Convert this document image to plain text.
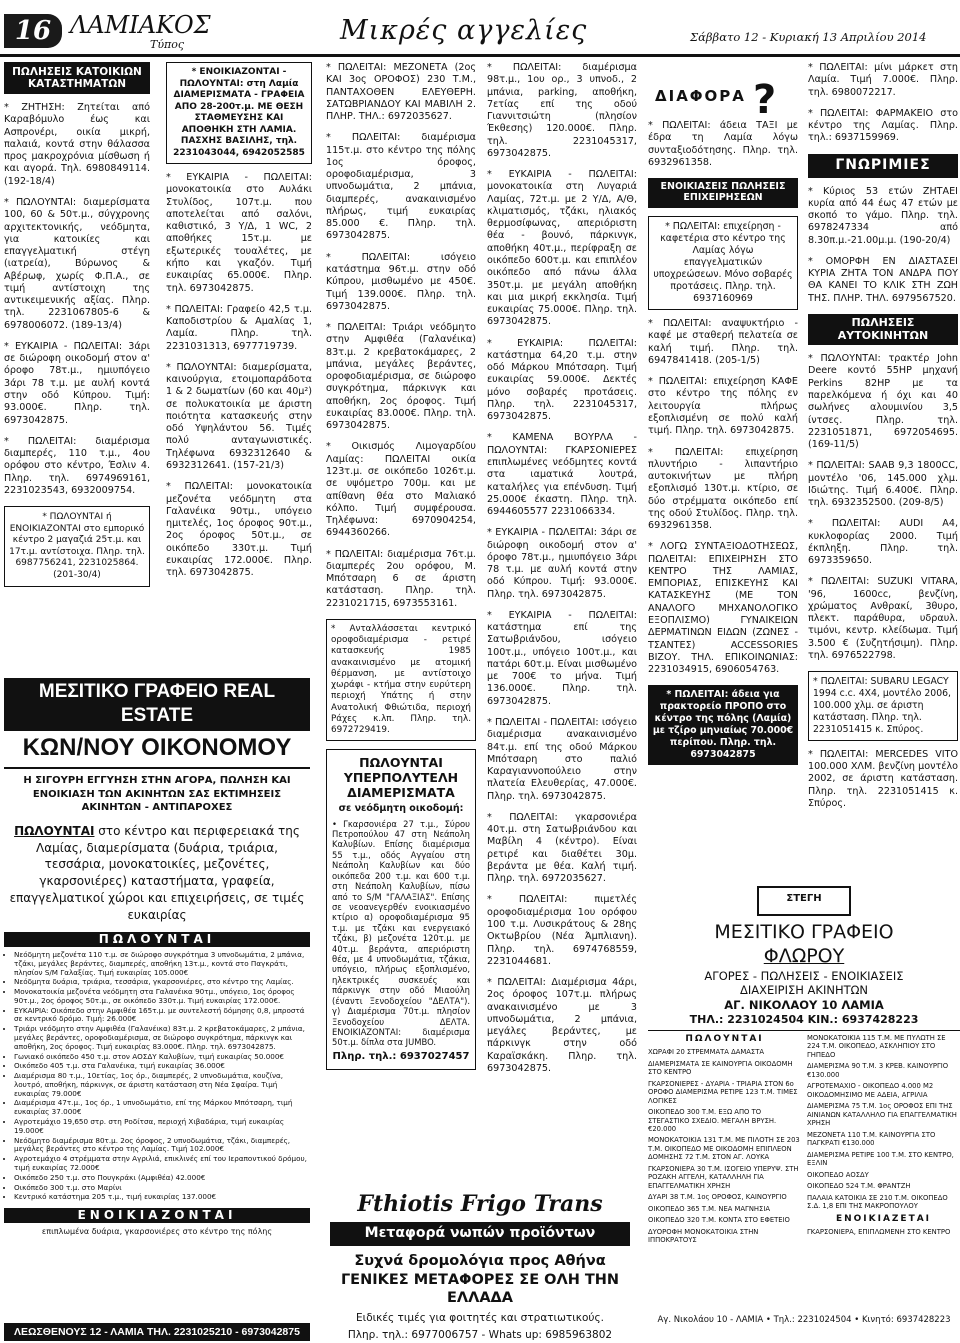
16 ΛΑΜΙΑΚΟΣ
Τύπος	Μικρές αγγελίες	Σάββατο 12 - Κυριακή 13 Απριλίου 2014
ΠΩΛΗΣΕΙΣ ΚΑΤΟΙΚΙΩΝ ΚΑΤΑΣΤΗΜΑΤΩΝ

* ΖΗΤΗΣΗ: Ζητείται από Καραβόμυλο έως και Ασπρονέρι, οικία μικρή, παλαιά, κοντά στην θάλασσα προς μακροχρόνια μίσθωση ή και αγορά. Τηλ. 6980849114. (192-18/4)

* ΠΩΛΟΥΝΤΑΙ: διαμερίσματα 100, 60 & 50τ.μ., σύγχρονης αρχιτεκτονικής, νεόδμητα, για κατοικίες και επαγγελματική στέγη (ιατρεία), Βύρωνος & Αβέρωφ, χωρίς Φ.Π.Α., σε τιμή αντίστοιχη της αντικειμενικής αξίας. Πληρ. τηλ. 2231067805-6 & 6978006072. (189-13/4)

* ΕΥΚΑΙΡΙΑ - ΠΩΛΕΙΤΑΙ: 3άρι σε διώροφη οικοδομή στον α' όροφο 78τ.μ., ημιυπόγειο 3άρι 78 τ.μ. με αυλή κοντά στην οδό Κύπρου. Τιμή: 93.000€. Πληρ. τηλ. 6973042875.

* ΠΩΛΕΙΤΑΙ: διαμέρισμα διαμπερές, 110 τ.μ., 4ου ορόφου στο κέντρο, Έσλιν 4. Πληρ. τηλ. 6974969161, 2231023543, 6932009754.

* ΠΩΛΟΥΝΤΑΙ ή ΕΝΟΙΚΙΑΖΟΝΤΑΙ στο εμπορικό κέντρο 2 μαγαζιά 25τ.μ. και 17τ.μ. αντίστοιχα. Πληρ. τηλ. 6987756241, 2231025864. (201-30/4)
* ΕΝΟΙΚΙΑΖΟΝΤΑΙ - ΠΩΛΟΥΝΤΑΙ: στη Λαμία ΔΙΑΜΕΡΙΣΜΑΤΑ - ΓΡΑΦΕΙΑ ΑΠΟ 28-200τ.μ. ΜΕ ΘΕΣΗ ΣΤΑΘΜΕΥΣΗΣ ΚΑΙ ΑΠΟΘΗΚΗ ΣΤΗ ΛΑΜΙΑ. ΠΑΣΧΗΣ ΒΑΣΙΛΗΣ, τηλ. 2231043044, 6942052585

* ΕΥΚΑΙΡΙΑ - ΠΩΛΕΙΤΑΙ: μονοκατοικία στο Αυλάκι Στυλίδος, 107τ.μ. που αποτελείται από σαλόνι, καθιστικό, 3 Υ/Δ, 1 WC, 2 αποθήκες 15τ.μ. με εξωτερικές τουαλέτες, με κήπο και γκαζόν. Τιμή ευκαιρίας 65.000€. Πληρ. τηλ. 6973042875.

* ΠΩΛΕΙΤΑΙ: Γραφείο 42,5 τ.μ. Καποδιστρίου & Αμαλίας 1, Λαμία. Πληρ. τηλ. 2231031313, 6977719739.

* ΠΩΛΟΥΝΤΑΙ: διαμερίσματα, καινούργια, ετοιμοπαράδοτα 1 & 2 δωματίων (60 και 40μ²) σε πολυκατοικία με άριστη ποιότητα κατασκευής στην οδό Υψηλάντου 56. Τιμές πολύ ανταγωνιστικές. Τηλέφωνα 6932312640 & 6932312641. (157-21/3)

* ΠΩΛΕΙΤΑΙ: μονοκατοικία μεζονέτα νεόδμητη στα Γαλανέικα 90τμ., υπόγειο ημιτελές, 1ος όροφος 90τ.μ., 2ος όροφος 50τ.μ., σε οικόπεδο 330τ.μ. Τιμή ευκαιρίας 172.000€. Πληρ. τηλ. 6973042875.

* ΠΩΛΕΙΤΑΙ: ΜΕΖΟΝΕΤΑ (2ος ΚΑΙ 3ος ΟΡΟΦΟΣ) 230 Τ.Μ., ΠΑΝΤΑΧΟΘΕΝ ΕΛΕΥΘΕΡΗ. ΣΑΤΩΒΡΙΑΝΔΟΥ ΚΑΙ ΜΑΒΙΛΗ 2. ΠΛΗΡ. ΤΗΛ.: 6972035627.

* ΠΩΛΕΙΤΑΙ: διαμέρισμα 115τ.μ. στο κέντρο της πόλης 1ος όροφος, οροφοδιαμέρισμα, 3 υπνοδωμάτια, 2 μπάνια, διαμπερές, ανακαινισμένο πλήρως, τιμή ευκαιρίας 85.000 €. Πληρ. τηλ. 6973042875.

* ΠΩΛΕΙΤΑΙ: ισόγειο κατάστημα 96τ.μ. στην οδό Κύπρου, μισθωμένο με 450€. Τιμή 139.000€. Πληρ. τηλ. 6973042875.

* ΠΩΛΕΙΤΑΙ: Τριάρι νεόδμητο στην Αμφιθέα (Γαλανέικα) 83τ.μ. 2 κρεβατοκάμαρες, 2 μπάνια, μεγάλες βεράντες, οροφοδιαμέρισμα, σε διώροφο συγκρότημα, πάρκινγκ και αποθήκη, 2ος όροφος. Τιμή ευκαιρίας 83.000€. Πληρ. τηλ. 6973042875.

* Οικισμός Λιμογαρδίου Λαμίας: ΠΩΛΕΙΤΑΙ οικία 123τ.μ. σε οικόπεδο 1026τ.μ. σε υψόμετρο 700μ. και με απίθανη θέα στο Μαλιακό κόλπο. Τιμή συμφέρουσα. Τηλέφωνα: 6970904254, 6944360266.

* ΠΩΛΕΙΤΑΙ: διαμέρισμα 76τ.μ. διαμπερές 2ου ορόφου, Μ. Μπότσαρη 6 σε άριστη κατάσταση. Πληρ. τηλ. 2231021715, 6973553161.

* Ανταλλάσσεται κεντρικό οροφοδιαμέρισμα - ρετιρέ κατασκευής 1985 ανακαινισμένο με ατομική θέρμανση, με αντίστοιχο χωράφι - κτήμα στην ευρύτερη περιοχή Υπάτης ή στην Ανατολική Φθιώτιδα, περιοχή Ράχες κ.λπ. Πληρ. τηλ. 6972729419.
ΠΩΛΟΥΝΤΑΙ ΥΠΕΡΠΟΛΥΤΕΛΗ ΔΙΑΜΕΡΙΣΜΑΤΑ
σε νεόδμητη οικοδομή:
• Γκαρσονιέρα 27 τ.μ., Σύρου Πετροπούλου 47 στη Νεάπολη Καλυβίων. Επίσης διαμέρισμα 55 τ.μ., οδός Αγγαίου στη Νεάπολη Καλυβίων και δύο οικόπεδα 200 τ.μ. και 600 τ.μ. στη Νεάπολη Καλυβίων, πίσω από το S/M "ΓΑΛΑΞΙΑΣ". Επίσης σε νεοανεγερθέν ενοικιασμένο κτίριο α) οροφοδιαμέρισμα 95 τ.μ. με τζάκι και ενεργειακό τζάκι, β) μεζονέτα 120τ.μ. με 40τ.μ. βεράντα, απεριόριστη θέα, με 4 υπνοδωμάτια, τζάκια, υπόγειο, πλήρως εξοπλισμένο, ηλεκτρικές συσκευές και πάρκινγκ στην οδό Μιαούλη (έναντι Ξενοδοχείου "ΔΕΛΤΑ"). γ) Διαμέρισμα 70τ.μ. πλησίον Ξενοδοχείου ΔΕΛΤΑ. ΕΝΟΙΚΙΑΖΟΝΤΑΙ: διαμέρισμα 50τ.μ. δίπλα στα JUMBO.
Πληρ. τηλ.: 6937027457

* ΠΩΛΕΙΤΑΙ: διαμέρισμα 98τ.μ., 1ου ορ., 3 υπνοδ., 2 μπάνια, parking, αποθήκη, 7ετίας επί της οδού Γιαννιτσιώτη (πλησίον Έκθεσης) 120.000€. Πληρ. τηλ. 2231045317, 6973042875.

* ΕΥΚΑΙΡΙΑ - ΠΩΛΕΙΤΑΙ: μονοκατοικία στη Λυγαριά Λαμίας, 72τ.μ. με 2 Υ/Δ, Α/Θ, κλιματισμός, τζάκι, ηλιακός θερμοσίφωνας, απεριόριστη θέα - βουνό, πάρκινγκ, αποθήκη 40τ.μ., περίφραξη σε οικόπεδο 600τ.μ. και επιπλέον οικόπεδο από πάνω άλλα 350τ.μ. με μεγάλη αποθήκη και μια μικρή εκκλησία. Τιμή ευκαιρίας 75.000€. Πληρ. τηλ. 6973042875.

* ΕΥΚΑΙΡΙΑ: ΠΩΛΕΙΤΑΙ: κατάστημα 64,20 τ.μ. στην οδό Μάρκου Μπότσαρη. Τιμή ευκαιρίας 59.000€. Δεκτές μόνο σοβαρές προτάσεις. Πληρ. τηλ. 2231045317, 6973042875.

* ΚΑΜΕΝΑ ΒΟΥΡΛΑ - ΠΩΛΟΥΝΤΑΙ: ΓΚΑΡΣΟΝΙΕΡΕΣ επιπλωμένες νεόδμητες κοντά στα ιαματικά λουτρά, καταλήλες για επένδυση. Τιμή 25.000€ έκαστη. Πληρ. τηλ. 6944605577 2231066334.

* ΕΥΚΑΙΡΙΑ - ΠΩΛΕΙΤΑΙ: 3άρι σε διώροφη οικοδομή στον α' όροφο 78τ.μ., ημιυπόγειο 3άρι 78 τ.μ. με αυλή κοντά στην οδό Κύπρου. Τιμή: 93.000€. Πληρ. τηλ. 6973042875.

* ΕΥΚΑΙΡΙΑ - ΠΩΛΕΙΤΑΙ: κατάστημα επί της Σατωβριάνδου, ισόγειο 100τ.μ., υπόγειο 100τ.μ., και πατάρι 60τ.μ. Είναι μισθωμένο με 700€ το μήνα. Τιμή 136.000€. Πληρ. τηλ. 6973042875.

* ΠΩΛΕΙΤΑΙ - ΠΩΛΕΙΤΑΙ: ισόγειο διαμέρισμα ανακαινισμένο 84τ.μ. επί της οδού Μάρκου Μπότσαρη στο παλιό Καραγιαννοπούλειο στην πλατεία Ελευθερίας, 47.000€. Πληρ. τηλ. 6973042875.

* ΠΩΛΕΙΤΑΙ: γκαρσονιέρα 40τ.μ. στη Σατωβριάνδου και Μαβίλη 4 (κέντρο). Είναι ρετιρέ και διαθέτει 30μ. βεράντα με θέα. Καλή τιμή. Πληρ. τηλ. 6972035627.

* ΠΩΛΕΙΤΑΙ: πιμετλές οροφοδιαμέρισμα 1ου ορόφου 100 τ.μ. Λυσικράτους & 28ης Οκτωβρίου (Νέα Άμπλιανη). Πληρ. τηλ. 6974768559, 2231044681.

* ΠΩΛΕΙΤΑΙ: Διαμέρισμα 4άρι, 2ος όροφος 107τ.μ. πλήρως ανακαινισμένο με 3 υπνοδωμάτια, 2 μπάνια, μεγάλες βεράντες, με πάρκινγκ στην οδό Καραϊσκάκη. Πληρ. τηλ. 6973042875.

ΔΙΑΦΟΡΑ ?

* ΠΩΛΕΙΤΑΙ: άδεια ΤΑΞΙ με έδρα τη Λαμία λόγω συνταξιοδότησης. Πληρ. τηλ. 6932961358.

ΕΝΟΙΚΙΑΣΕΙΣ ΠΩΛΗΣΕΙΣ ΕΠΙΧΕΙΡΗΣΕΩΝ
* ΠΩΛΕΙΤΑΙ: επιχείρηση - καφετέρια στο κέντρο της Λαμίας λόγω επαγγελματικών υποχρεώσεων. Μόνο σοβαρές προτάσεις. Πληρ. τηλ. 6937160969

* ΠΩΛΕΙΤΑΙ: αναψυκτήριο - καφέ με σταθερή πελατεία σε καλή τιμή. Πληρ. τηλ. 6947841418. (205-1/5)

* ΠΩΛΕΙΤΑΙ: επιχείρηση ΚΑΦΕ στο κέντρο της πόλης εν λειτουργία πλήρως εξοπλισμένη σε πολύ καλή τιμή. Πληρ. τηλ. 6973042875.

* ΠΩΛΕΙΤΑΙ: επιχείρηση πλυντήριο - λιπαντήριο αυτοκινήτων με πλήρη εξοπλισμό 130τ.μ. κτίριο, σε δύο στρέμματα οικόπεδο επί της οδού Στυλίδος. Πληρ. τηλ. 6932961358.

* ΛΟΓΩ ΣΥΝΤΑΞΙΟΔΟΤΗΣΕΩΣ, ΠΩΛΕΙΤΑΙ: ΕΠΙΧΕΙΡΗΣΗ ΣΤΟ ΚΕΝΤΡΟ ΤΗΣ ΛΑΜΙΑΣ, ΕΜΠΟΡΙΑΣ, ΕΠΙΣΚΕΥΗΣ ΚΑΙ ΚΑΤΑΣΚΕΥΗΣ (ΜΕ ΤΟΝ ΑΝΑΛΟΓΟ ΜΗΧΑΝΟΛΟΓΙΚΟ ΕΞΟΠΛΙΣΜΟ) ΓΥΝΑΙΚΕΙΩΝ ΔΕΡΜΑΤΙΝΩΝ ΕΙΔΩΝ (ΖΩΝΕΣ - ΤΣΑΝΤΕΣ) ACCESSORIES ΒΙΖΟΥ. ΤΗΛ. ΕΠΙΚΟΙΝΩΝΙΑΣ: 2231034915, 6906054763.

* ΠΩΛΕΙΤΑΙ: άδεια για πρακτορείο ΠΡΟΠΟ στο κέντρο της πόλης (Λαμία) με τζίρο μηνιαίως 70.000€ περίπου. Πληρ. τηλ. 6973042875

* ΠΩΛΕΙΤΑΙ: μίνι μάρκετ στη Λαμία. Τιμή 7.000€. Πληρ. τηλ. 6980072217.

* ΠΩΛΕΙΤΑΙ: ΦΑΡΜΑΚΕΙΟ στο κέντρο της Λαμίας. Πληρ. τηλ.: 6937159969.

ΓΝΩΡΙΜΙΕΣ

* Κύριος 53 ετών ΖΗΤΑΕΙ κυρία από 44 έως 47 ετών με σκοπό το γάμο. Πληρ. τηλ. 6978247334 από 8.30π.μ.-21.00μ.μ. (190-20/4)

* ΟΜΟΡΦΗ ΕΝ ΔΙΑΣΤΑΣΕΙ ΚΥΡΙΑ ΖΗΤΑ ΤΟΝ ΑΝΔΡΑ ΠΟΥ ΘΑ ΚΑΝΕΙ ΤΟ ΚΛΙΚ ΣΤΗ ΖΩΗ ΤΗΣ. ΠΛΗΡ. ΤΗΛ. 6979567520.

ΠΩΛΗΣΕΙΣ ΑΥΤΟΚΙΝΗΤΩΝ

* ΠΩΛΟΥΝΤΑΙ: τρακτέρ John Deere κοντό 55HP μηχανή Perkins 82HP με τα παρελκόμενα ή όχι και 40 σωλήνες αλουμινίου 3,5 ίντσες. Πληρ. τηλ. 2231051871, 6972054695. (169-11/5)

* ΠΩΛΕΙΤΑΙ: SAAB 9,3 1800CC, μοντέλο '06, 145.000 χλμ. Ιδιώτης. Τιμή 6.400€. Πληρ. τηλ. 6932352500. (209-8/5)

* ΠΩΛΕΙΤΑΙ: AUDI A4, κυκλοφορίας 2000. Τιμή έκπληξη. Πληρ. τηλ. 6973359650.

* ΠΩΛΕΙΤΑΙ: SUZUKI VITARA, '96, 1600cc, βενζίνη, χρώματος Ανθρακί, 3θυρο, πλεκτ. παράθυρα, υδραυλ. τιμόνι, κεντρ. κλείδωμα. Τιμή 3.500 € (Συζητήσιμη). Πληρ. τηλ. 6976522798.

* ΠΩΛΕΙΤΑΙ: SUBARU LEGACY 1994 c.c. 4X4, μοντέλο 2006, 100.000 χλμ. σε άριστη κατάσταση. Πληρ. τηλ. 2231051415 κ. Σπύρος.

* ΠΩΛΕΙΤΑΙ: MERCEDES VITO 100.000 ΧΛΜ. βενζίνη μοντέλο 2002, σε άριστη κατάσταση. Πληρ. τηλ. 2231051415 κ. Σπύρος.

ΜΕΣΙΤΙΚΟ ΓΡΑΦΕΙΟ REAL ESTATE
ΚΩΝ/ΝΟΥ ΟΙΚΟΝΟΜΟΥ
Η ΣΙΓΟΥΡΗ ΕΓΓΥΗΣΗ ΣΤΗΝ ΑΓΟΡΑ, ΠΩΛΗΣΗ ΚΑΙ ΕΝΟΙΚΙΑΣΗ ΤΩΝ ΑΚΙΝΗΤΩΝ ΣΑΣ ΕΚΤΙΜΗΣΕΙΣ ΑΚΙΝΗΤΩΝ - ΑΝΤΙΠΑΡΟΧΕΣ
ΠΩΛΟΥΝΤΑΙ στο κέντρο και περιφερειακά της Λαμίας, διαμερίσματα (δυάρια, τριάρια, τεσσάρια, μονοκατοικίες, μεζονέτες, γκαρσονιέρες) καταστήματα, γραφεία, επαγγελματικοί χώροι και επιχειρήσεις, σε τιμές ευκαιρίας
ΠΩΛΟΥΝΤΑΙ
• Νεόδμητη μεζονέτα 110 τ.μ. σε διώροφο συγκρότημα 3 υπνοδωμάτια, 2 μπάνια, τζάκι, μεγάλες βεράντες, διαμπερές, αποθήκη 13τ.μ., κοντά στο Παγκράτι, πλησίον S/M Γαλαξίας. Τιμή ευκαιρίας 105.000€
• Νεόδμητα δυάρια, τριάρια, τεσσάρια, γκαρσονιέρες, στο κέντρο της Λαμίας.
• Μονοκατοικία μεζονέτα νεόδμητη στα Γαλανέικα 90τμ., υπόγειο, 1ος όροφος 90τ.μ., 2ος όροφος 50τ.μ., σε οικόπεδο 330τ.μ. Τιμή ευκαιρίας 172.000€.
• ΕΥΚΑΙΡΙΑ: Οικόπεδο στην Αμφιθέα 165τ.μ. με συντελεστή δόμησης 0,8, μπροστά σε κεντρικό δρόμο. Τιμή: 26.000€
• Τριάρι νεόδμητο στην Αμφιθέα (Γαλανέικα) 83τ.μ. 2 κρεβατοκάμαρες, 2 μπάνια, μεγάλες βεράντες, οροφοδιαμέρισμα, σε διώροφο συγκρότημα, πάρκινγκ και αποθήκη, 2ος όροφος. Τιμή ευκαιρίας 83.000€. Πληρ. τηλ. 6973042875.
• Γωνιακό οικόπεδο 450 τ.μ. στον ΑΟΣΔΥ Καλυβίων, τιμή ευκαιρίας 50.000€
• Οικόπεδο 405 τ.μ. στα Γαλανέικα, τιμή ευκαιρίας 36.000€
• Διαμέρισμα 80 τ.μ., 10ετίας, 1ος όρ., διαμπερές, 2 υπνοδωμάτια, κουζίνα, λουτρό, αποθήκη, πάρκινγκ, σε άριστη κατάσταση στη Νέα Σφαίρα. Τιμή ευκαιρίας 79.000€
• Διαμέρισμα 47τ.μ., 1ος όρ., 1 υπνοδωμάτιο, επί της Μάρκου Μπότσαρη, τιμή ευκαιρίας 37.000€
• Αγροτεμάχιο 19,650 στρ. στη Ροδίτσα, περιοχή Χιβαδάρια, τιμή ευκαιρίας 19.000€
• Νεόδμητο διαμέρισμα 80τ.μ. 2ος όροφος, 2 υπνοδωμάτια, τζάκι, διαμπερές, μεγάλες βεράντες στο κέντρο της Λαμίας. Τιμή 102.000€
• Αγροτεμάχιο 4 στρέμματα στην Αγριλιά, επικλινές επί του Ιεραποντικού δρόμου, τιμή ευκαιρίας 72.000€
• Οικόπεδο 250 τ.μ. στο Πουγκράκι (Αμφιθέα) 42.000€
• Οικόπεδο 300 τ.μ. στο Μαρίνι
• Κεντρικό κατάστημα 205 τ.μ., τιμή ευκαιρίας 137.000€
ΕΝΟΙΚΙΑΖΟΝΤΑΙ
επιπλωμένα δυάρια, γκαρσονιέρες στο κέντρο της πόλης
ΛΕΩΣΘΕΝΟΥΣ 12 - ΛΑΜΙΑ ΤΗΛ. 2231025210 - 6973042875
Fthiotis Frigo Trans
Μεταφορά νωπών προϊόντων
Συχνά δρομολόγια προς Αθήνα
ΓΕΝΙΚΕΣ ΜΕΤΑΦΟΡΕΣ ΣΕ ΟΛΗ ΤΗΝ ΕΛΛΑΔΑ
Ειδικές τιμές για φοιτητές και στρατιωτικούς.
Πληρ. τηλ.: 6977006757 - Whats up: 6985963802
ΣΤΕΓΗ
ΜΕΣΙΤΙΚΟ ΓΡΑΦΕΙΟ
ΦΛΩΡΟΥ
ΑΓΟΡΕΣ - ΠΩΛΗΣΕΙΣ - ΕΝΟΙΚΙΑΣΕΙΣ
ΔΙΑΧΕΙΡΙΣΗ ΑΚΙΝΗΤΩΝ
ΑΓ. ΝΙΚΟΛΑΟΥ 10 ΛΑΜΙΑ
ΤΗΛ.: 2231024504 ΚΙΝ.: 6937428223
ΠΩΛΟΥΝΤΑΙ
ΧΩΡΑΦΙ 20 ΣΤΡΕΜΜΑΤΑ ΔΑΜΑΣΤΑ
ΔΙΑΜΕΡΙΣΜΑΤΑ ΣΕ ΚΑΙΝΟΥΡΓΙΑ ΟΙΚΟΔΟΜΗ ΣΤΟ ΚΕΝΤΡΟ
ΓΚΑΡΣΟΝΙΕΡΕΣ - ΔΥΑΡΙΑ - ΤΡΙΑΡΙΑ ΣΤΟΝ 6ο ΟΡΟΦΟ ΔΙΑΜΕΡΙΣΜΑ ΡΕΤΙΡΕ 123 Τ.Μ. ΤΙΜΕΣ ΛΟΓΙΚΕΣ
ΟΙΚΟΠΕΔΟ 300 Τ.Μ. ΕΞΩ ΑΠΟ ΤΟ ΣΤΕΓΑΣΤΙΚΟ ΣΧΕΔΙΟ. ΜΕΓΑΛΗ ΒΡΥΣΗ. €20.000
ΜΟΝΟΚΑΤΟΙΚΙΑ 131 Τ.Μ. ΜΕ ΠΙΛΟΤΗ ΣΕ 203 Τ.Μ. ΟΙΚΟΠΕΔΟ ΜΕ ΟΙΚΟΔΟΜΗ ΕΠΙΠΛΕΟΝ ΔΟΜΗΣΗΣ 72 Τ.Μ. ΣΤΟΝ ΑΓ. ΛΟΥΚΑ
ΓΚΑΡΣΟΝΙΕΡΑ 30 Τ.Μ. ΙΣΟΓΕΙΟ ΥΠΕΡΥΨ. ΣΤΗ ΡΟΖΑΚΗ ΑΓΓΕΛΗ, ΚΑΤΑΛΛΗΛΗ ΓΙΑ ΕΠΑΓΓΕΛΜΑΤΙΚΗ ΧΡΗΣΗ
ΔΥΑΡΙ 38 Τ.Μ. 1ος ΟΡΟΦΟΣ, ΚΑΙΝΟΥΡΓΙΟ
ΟΙΚΟΠΕΔΟ 365 Τ.Μ. ΝΕΑ ΜΑΓΝΗΣΙΑ
ΟΙΚΟΠΕΔΟ 320 Τ.Μ. ΚΟΝΤΑ ΣΤΟ ΕΦΕΤΕΙΟ
ΔΥΟΡΟΦΗ ΜΟΝΟΚΑΤΟΙΚΙΑ ΣΤΗΝ ΙΠΠΟΚΡΑΤΟΥΣ
ΜΟΝΟΚΑΤΟΙΚΙΑ 115 Τ.Μ. ΜΕ ΠΥΛΩΤΗ ΣΕ 224 Τ.Μ. ΟΙΚΟΠΕΔΟ, ΑΣΚΛΗΠΙΟΥ ΣΤΟ ΓΗΠΕΔΟ
ΔΙΑΜΕΡΙΣΜΑ 90 Τ.Μ. 3 ΚΡΕΒ. ΚΑΙΝΟΥΡΓΙΟ €130.000
ΑΓΡΟΤΕΜΑΧΙΟ - ΟΙΚΟΠΕΔΟ 4.000 Μ2 ΟΙΚΟΔΟΜΗΣΙΜΟ ΜΕ ΑΔΕΙΑ, ΑΓΡΙΛΙΑ
ΔΙΑΜΕΡΙΣΜΑ 75 Τ.Μ. 1ος ΟΡΟΦΟΣ ΕΠΙ ΤΗΣ ΑΙΝΙΑΝΩΝ ΚΑΤΑΛΛΗΛΟ ΓΙΑ ΕΠΑΓΓΕΛΜΑΤΙΚΗ ΧΡΗΣΗ
ΜΕΖΟΝΕΤΑ 110 Τ.Μ. ΚΑΙΝΟΥΡΓΙΑ ΣΤΟ ΠΑΓΚΡΑΤΙ €130.000
ΔΙΑΜΕΡΙΣΜΑ ΡΕΤΙΡΕ 100 Τ.Μ. ΣΤΟ ΚΕΝΤΡΟ, ΕΞΛΙΝ
ΟΙΚΟΠΕΔΟ ΑΟΣΔΥ
ΟΙΚΟΠΕΔΟ 524 Τ.Μ. ΦΡΑΝΤΖΗ
ΠΑΛΑΙΑ ΚΑΤΟΙΚΙΑ ΣΕ 210 Τ.Μ. ΟΙΚΟΠΕΔΟ Σ.Δ. 1,8 ΕΠΙ ΤΗΣ ΜΑΚΡΟΠΟΥΛΟΥ
ΕΝΟΙΚΙΑΖΕΤΑΙ
ΓΚΑΡΣΟΝΙΕΡΑ, ΕΠΙΠΛΩΜΕΝΗ ΣΤΟ ΚΕΝΤΡΟ
Αγ. Νικολάου 10 - ΛΑΜΙΑ • Τηλ.: 2231024504 • Κινητό: 6937428223
